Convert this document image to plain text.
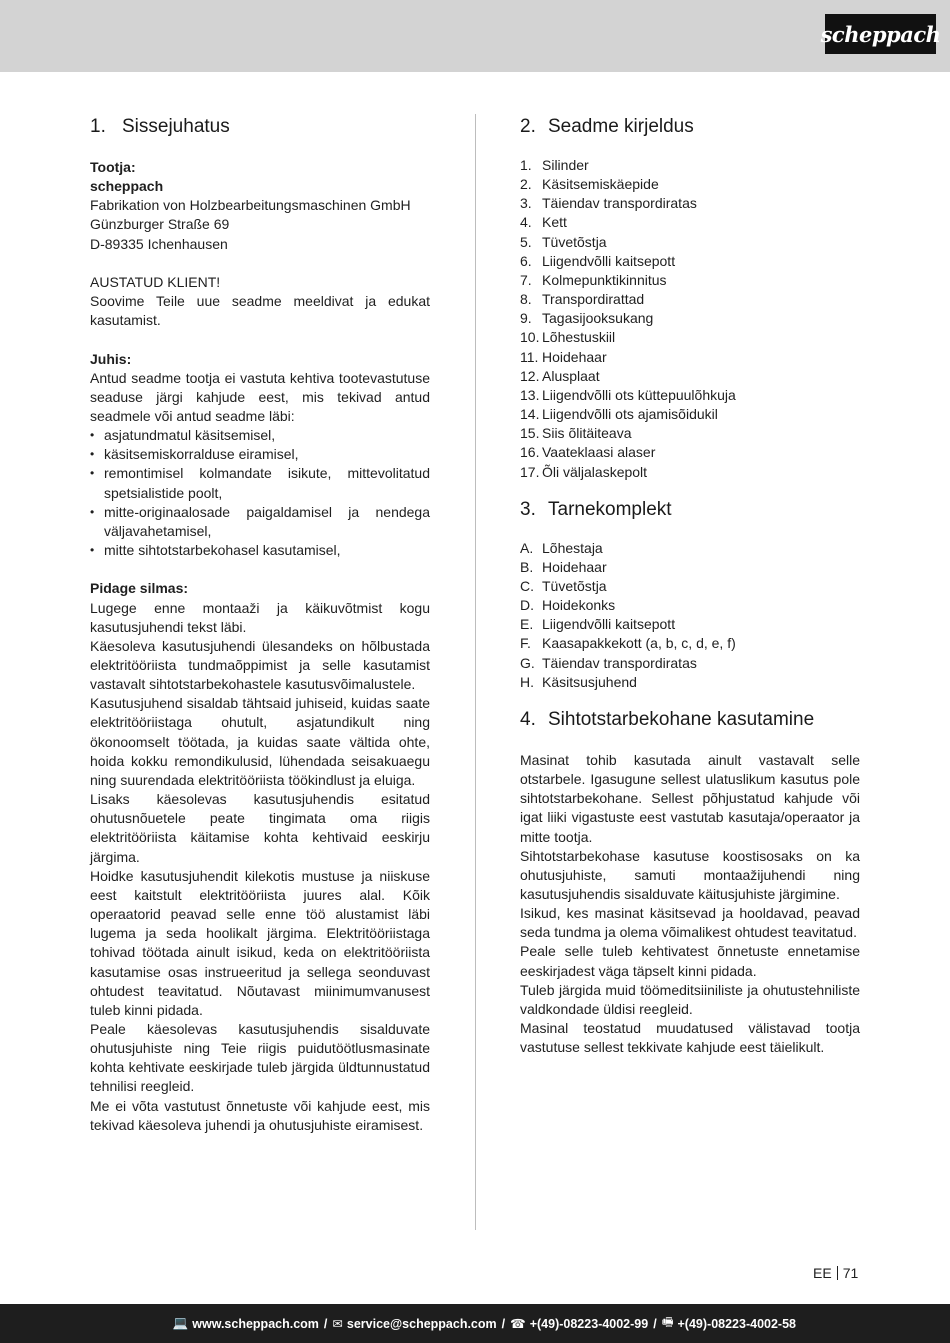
scheppach
1. Sissejuhatus

Tootja:

scheppach

Fabrikation von Holzbearbeitungsmaschinen GmbH

Günzburger Straße 69

D-89335 Ichenhausen

AUSTATUD KLIENT!

Soovime Teile uue seadme meeldivat ja edukat kasutamist.

Juhis:

Antud seadme tootja ei vastuta kehtiva tootevastutuse seaduse järgi kahjude eest, mis tekivad antud seadmele või antud seadme läbi:

• asjatundmatul käsitsemisel,
• käsitsemiskorralduse eiramisel,
• remontimisel kolmandate isikute, mittevolitatud spetsialistide poolt,
• mitte-originaalosade paigaldamisel ja nendega väljavahetamisel,
• mitte sihtotstarbekohasel kasutamisel,

Pidage silmas:

Lugege enne montaaži ja käikuvõtmist kogu kasutusjuhendi tekst läbi.

Käesoleva kasutusjuhendi ülesandeks on hõlbustada elektritööriista tundmaõppimist ja selle kasutamist vastavalt sihtotstarbekohastele kasutusvõimalustele.

Kasutusjuhend sisaldab tähtsaid juhiseid, kuidas saate elektritööriistaga ohutult, asjatundikult ning ökonoomselt töötada, ja kuidas saate vältida ohte, hoida kokku remondikulusid, lühendada seisakuaegu ning suurendada elektritööriista töökindlust ja eluiga.

Lisaks käesolevas kasutusjuhendis esitatud ohutusnõuetele peate tingimata oma riigis elektritööriista käitamise kohta kehtivaid eeskirju järgima.

Hoidke kasutusjuhendit kilekotis mustuse ja niiskuse eest kaitstult elektritööriista juures alal. Kõik operaatorid peavad selle enne töö alustamist läbi lugema ja seda hoolikalt järgima. Elektritööriistaga tohivad töötada ainult isikud, keda on elektritööriista kasutamise osas instrueeritud ja sellega seonduvast ohtudest teavitatud. Nõutavast miinimumvanusest tuleb kinni pidada.

Peale käesolevas kasutusjuhendis sisalduvate ohutusjuhiste ning Teie riigis puidutöötlusmasinate kohta kehtivate eeskirjade tuleb järgida üldtunnustatud tehnilisi reegleid.

Me ei võta vastutust õnnetuste või kahjude eest, mis tekivad käesoleva juhendi ja ohutusjuhiste eiramisest.

2. Seadme kirjeldus
1. Silinder
2. Käsitsemiskäepide
3. Täiendav transpordiratas
4. Kett
5. Tüvetõstja
6. Liigendvõlli kaitsepott
7. Kolmepunktikinnitus
8. Transpordirattad
9. Tagasijooksukang
10. Lõhestuskiil
11. Hoidehaar
12. Alusplaat
13. Liigendvõlli ots küttepuulõhkuja
14. Liigendvõlli ots ajamisõidukil
15. Siis õlitäiteava
16. Vaateklaasi alaser
17. Õli väljalaskepolt
3. Tarnekomplekt
A. Lõhestaja
B. Hoidehaar
C. Tüvetõstja
D. Hoidekonks
E. Liigendvõlli kaitsepott
F. Kaasapakkekott (a, b, c, d, e, f)
G. Täiendav transpordiratas
H. Käsitsusjuhend
4. Sihtotstarbekohane kasutamine

Masinat tohib kasutada ainult vastavalt selle otstarbele. Igasugune sellest ulatuslikum kasutus pole sihtotstarbekohane. Sellest põhjustatud kahjude või igat liiki vigastuste eest vastutab kasutaja/operaator ja mitte tootja.

Sihtotstarbekohase kasutuse koostisosaks on ka ohutusjuhiste, samuti montaažijuhendi ning kasutusjuhendis sisalduvate käitusjuhiste järgimine.

Isikud, kes masinat käsitsevad ja hooldavad, peavad seda tundma ja olema võimalikest ohtudest teavitatud.

Peale selle tuleb kehtivatest õnnetuste ennetamise eeskirjadest väga täpselt kinni pidada.

Tuleb järgida muid töömeditsiiniliste ja ohutustehniliste valdkondade üldisi reegleid.

Masinal teostatud muudatused välistavad tootja vastutuse sellest tekkivate kahjude eest täielikult.

EE 71
💻 www.scheppach.com / ✉ service@scheppach.com / ☎ +(49)-08223-4002-99 / 🖷 +(49)-08223-4002-58
